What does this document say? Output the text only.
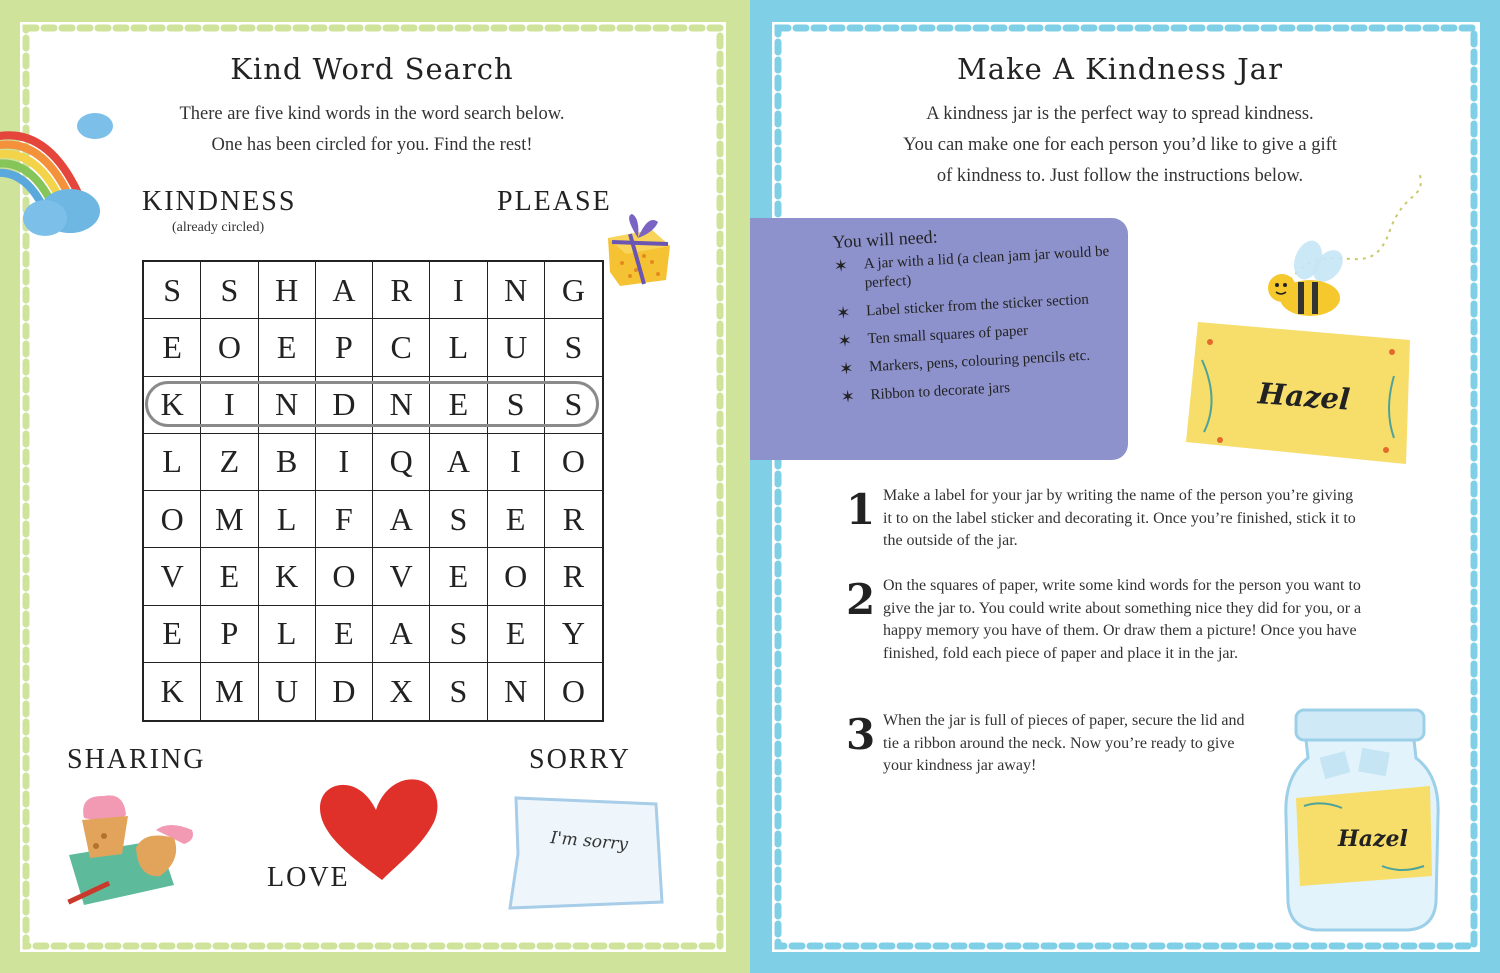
Kind Word Search
There are five kind words in the word search below.
One has been circled for you. Find the rest!
KINDNESS
(already circled)
PLEASE
S	S	H	A	R	I	N	G
E	O	E	P	C	L	U	S
K	I	N	D	N	E	S	S
L	Z	B	I	Q	A	I	O
O M	L	F	A	S	E	R
V	E	K	O	V	E	O	R
E	P	L	E	A	S	E	Y
K M U	D	X	S	N	O
SHARING	SORRY
LOVE
I'm sorry
Make A Kindness Jar
A kindness jar is the perfect way to spread kindness.
You can make one for each person you’d like to give a gift
of kindness to. Just follow the instructions below.
You will need:
✶ A jar with a lid (a clean jam jar would be perfect)
✶ Label sticker from the sticker section
✶ Ten small squares of paper
✶ Markers, pens, colouring pencils etc.
✶ Ribbon to decorate jars	Hazel
1 Make a label for your jar by writing the name of the person you’re giving it to on the label sticker and decorating it. Once you’re finished, stick it to the outside of the jar.
2 On the squares of paper, write some kind words for the person you want to give the jar to. You could write about something nice they did for you, or a happy memory you have of them. Or draw them a picture! Once you have finished, fold each piece of paper and place it in the jar.
3 When the jar is full of pieces of paper, secure the lid and tie a ribbon around the neck. Now you’re ready to give your kindness jar away!
Hazel
